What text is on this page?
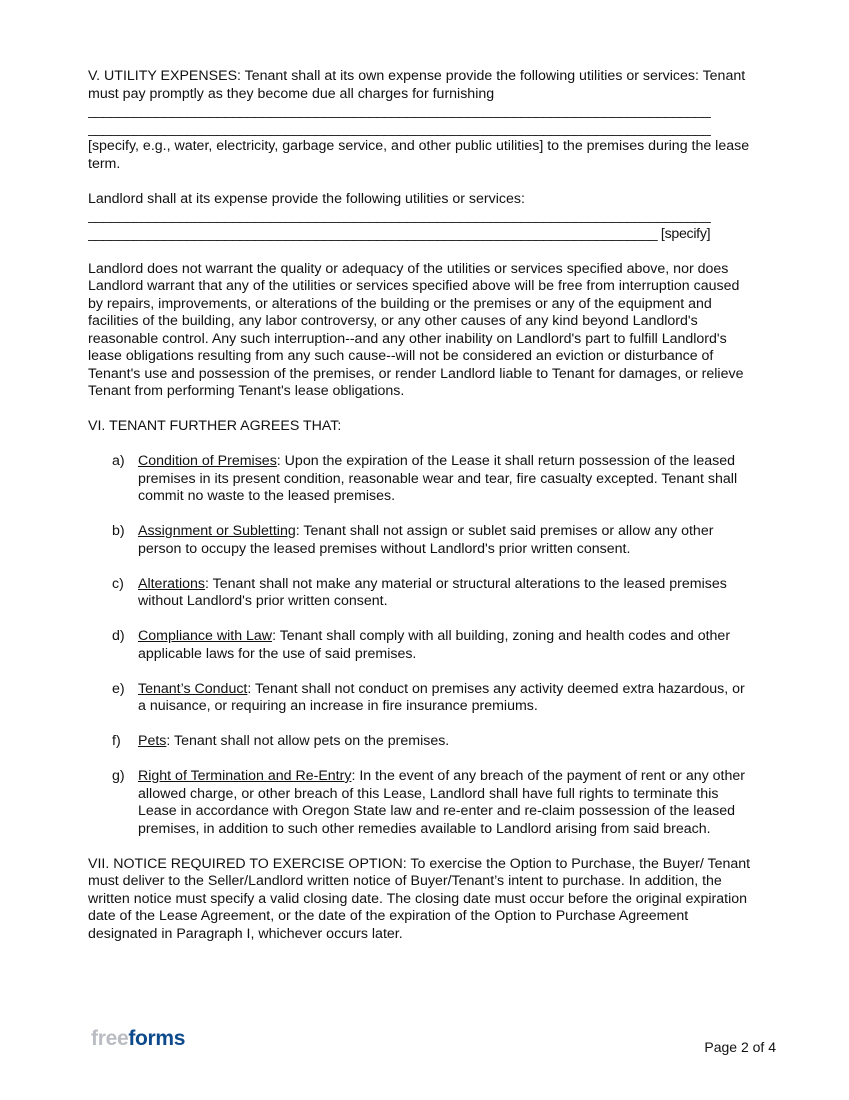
V. UTILITY EXPENSES: Tenant shall at its own expense provide the following utilities or services: Tenant must pay promptly as they become due all charges for furnishing

__________________________________________________________________________________
__________________________________________________________________________________

[specify, e.g., water, electricity, garbage service, and other public utilities] to the premises during the lease term.

Landlord shall at its expense provide the following utilities or services:

__________________________________________________________________________________
___________________________________________________________________________ [specify]

Landlord does not warrant the quality or adequacy of the utilities or services specified above, nor does Landlord warrant that any of the utilities or services specified above will be free from interruption caused by repairs, improvements, or alterations of the building or the premises or any of the equipment and facilities of the building, any labor controversy, or any other causes of any kind beyond Landlord's reasonable control. Any such interruption--and any other inability on Landlord's part to fulfill Landlord's lease obligations resulting from any such cause--will not be considered an eviction or disturbance of Tenant's use and possession of the premises, or render Landlord liable to Tenant for damages, or relieve Tenant from performing Tenant's lease obligations.

VI. TENANT FURTHER AGREES THAT:

a) Condition of Premises: Upon the expiration of the Lease it shall return possession of the leased premises in its present condition, reasonable wear and tear, fire casualty excepted. Tenant shall commit no waste to the leased premises.
b) Assignment or Subletting: Tenant shall not assign or sublet said premises or allow any other person to occupy the leased premises without Landlord's prior written consent.
c) Alterations: Tenant shall not make any material or structural alterations to the leased premises without Landlord's prior written consent.
d) Compliance with Law: Tenant shall comply with all building, zoning and health codes and other applicable laws for the use of said premises.
e) Tenant’s Conduct: Tenant shall not conduct on premises any activity deemed extra hazardous, or a nuisance, or requiring an increase in fire insurance premiums.
f) Pets: Tenant shall not allow pets on the premises.
g) Right of Termination and Re-Entry: In the event of any breach of the payment of rent or any other allowed charge, or other breach of this Lease, Landlord shall have full rights to terminate this Lease in accordance with Oregon State law and re-enter and re-claim possession of the leased premises, in addition to such other remedies available to Landlord arising from said breach.

VII. NOTICE REQUIRED TO EXERCISE OPTION: To exercise the Option to Purchase, the Buyer/ Tenant must deliver to the Seller/Landlord written notice of Buyer/Tenant’s intent to purchase. In addition, the written notice must specify a valid closing date. The closing date must occur before the original expiration date of the Lease Agreement, or the date of the expiration of the Option to Purchase Agreement designated in Paragraph I, whichever occurs later.

freeforms	Page 2 of 4
